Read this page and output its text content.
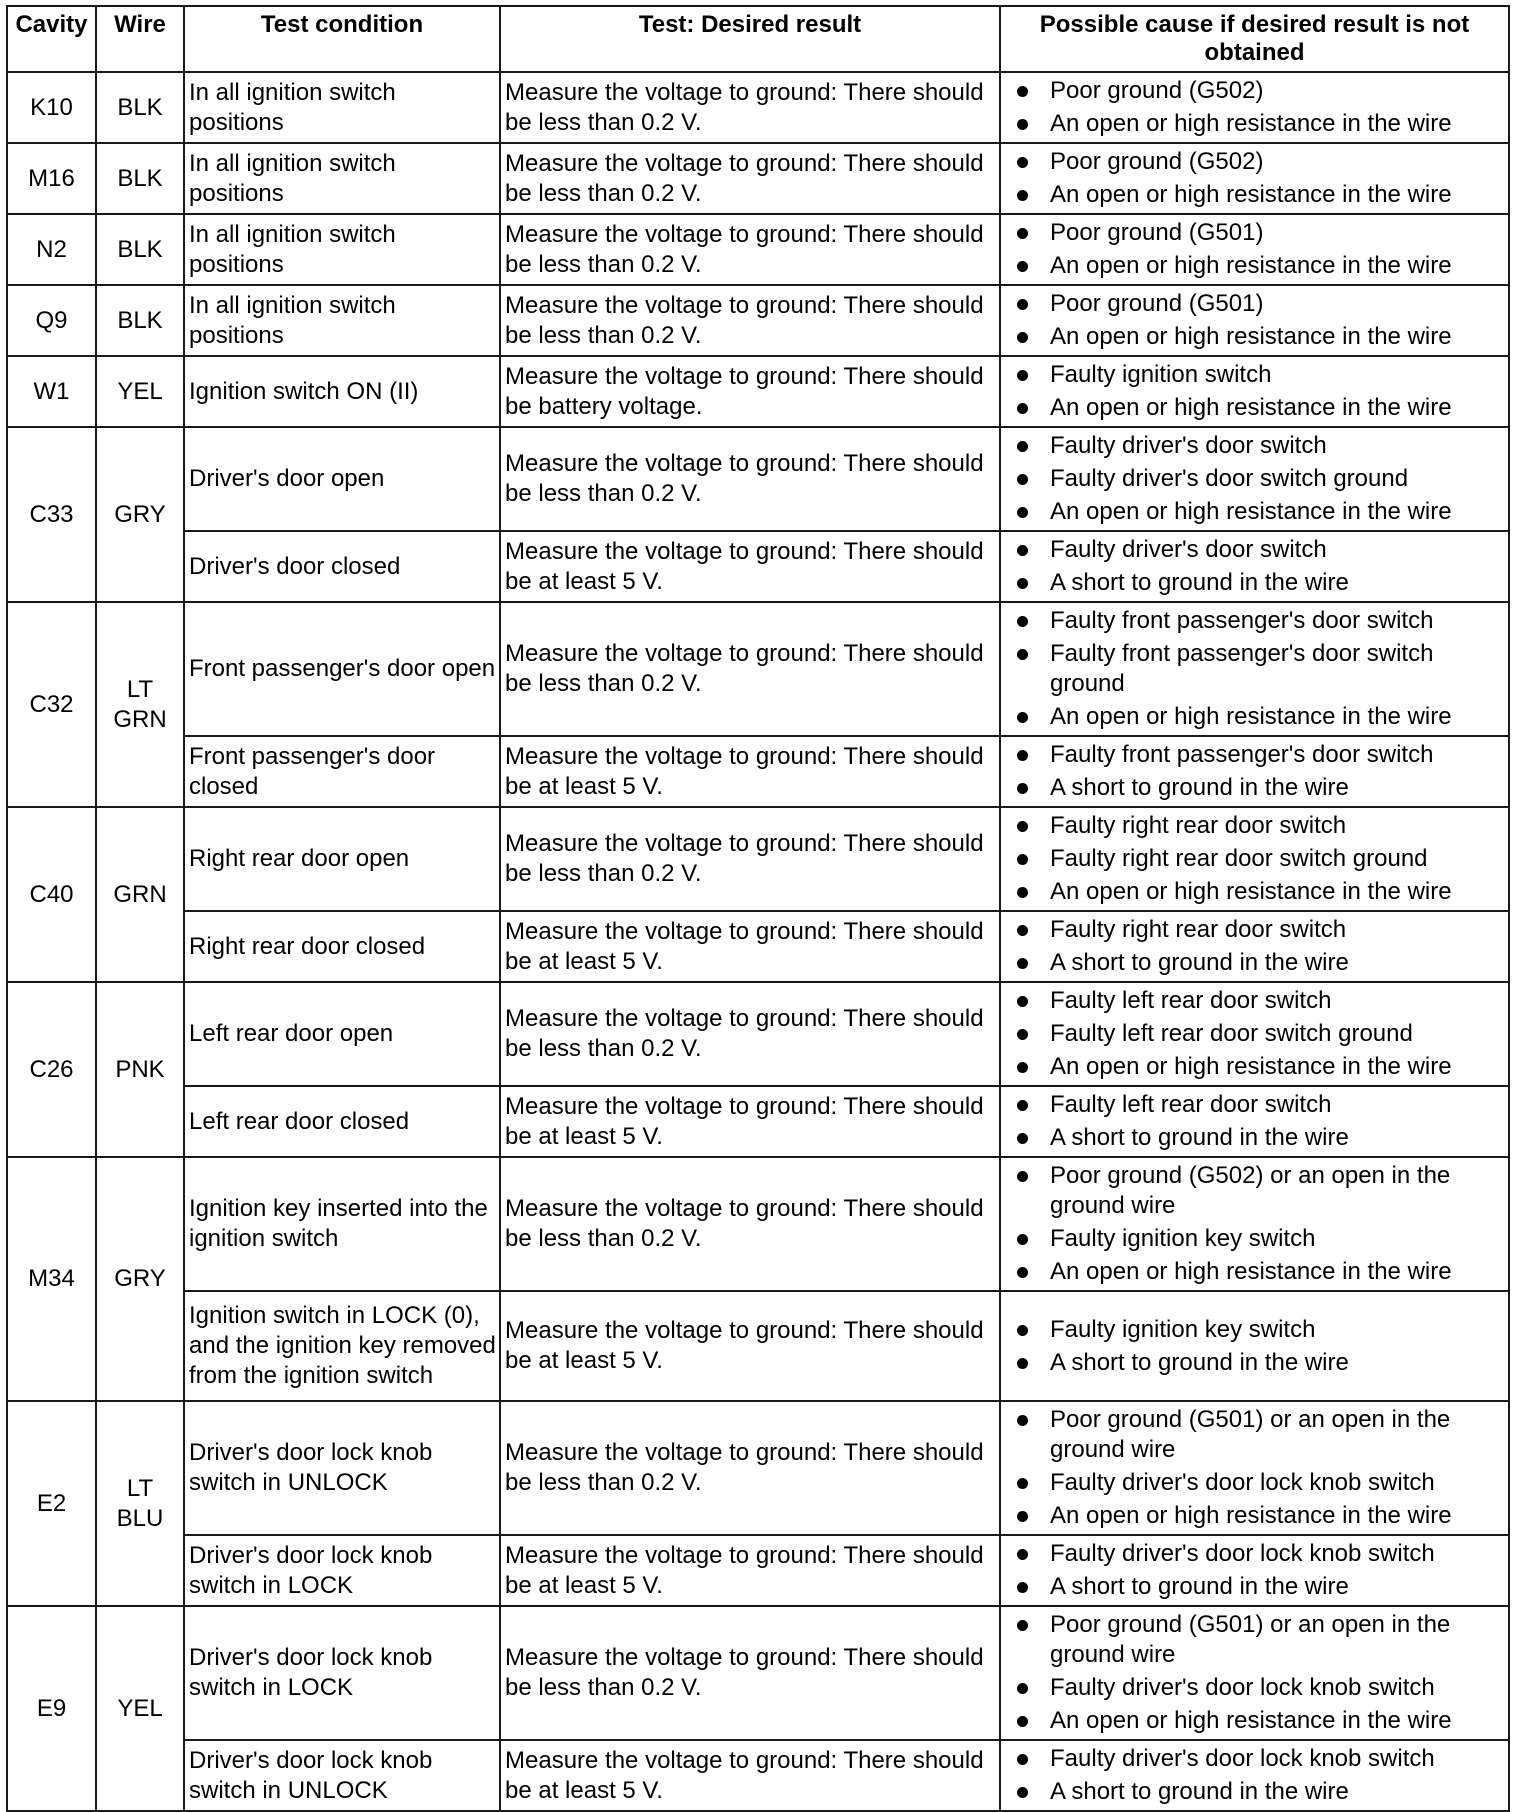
Cavity	Wire	Test condition	Test: Desired result	Possible cause if desired result is not obtained
K10	BLK	In all ignition switch positions	Measure the voltage to ground: There should be less than 0.2 V.	Poor ground (G502)
An open or high resistance in the wire

M16	BLK	In all ignition switch positions	Measure the voltage to ground: There should be less than 0.2 V.	Poor ground (G502)
An open or high resistance in the wire

N2	BLK	In all ignition switch positions	Measure the voltage to ground: There should be less than 0.2 V.	Poor ground (G501)
An open or high resistance in the wire

Q9	BLK	In all ignition switch positions	Measure the voltage to ground: There should be less than 0.2 V.	Poor ground (G501)
An open or high resistance in the wire

W1	YEL	Ignition switch ON (II)	Measure the voltage to ground: There should be battery voltage.	Faulty ignition switch
An open or high resistance in the wire

C33	GRY	Driver's door open	Measure the voltage to ground: There should be less than 0.2 V.	Faulty driver's door switch
Faulty driver's door switch ground
An open or high resistance in the wire

		Driver's door closed	Measure the voltage to ground: There should be at least 5 V.	Faulty driver's door switch
A short to ground in the wire

C32	LT GRN	Front passenger's door open	Measure the voltage to ground: There should be less than 0.2 V.	Faulty front passenger's door switch
Faulty front passenger's door switch ground
An open or high resistance in the wire

		Front passenger's door closed	Measure the voltage to ground: There should be at least 5 V.	Faulty front passenger's door switch
A short to ground in the wire

C40	GRN	Right rear door open	Measure the voltage to ground: There should be less than 0.2 V.	Faulty right rear door switch
Faulty right rear door switch ground
An open or high resistance in the wire

		Right rear door closed	Measure the voltage to ground: There should be at least 5 V.	Faulty right rear door switch
A short to ground in the wire

C26	PNK	Left rear door open	Measure the voltage to ground: There should be less than 0.2 V.	Faulty left rear door switch
Faulty left rear door switch ground
An open or high resistance in the wire

		Left rear door closed	Measure the voltage to ground: There should be at least 5 V.	Faulty left rear door switch
A short to ground in the wire

M34	GRY	Ignition key inserted into the ignition switch	Measure the voltage to ground: There should be less than 0.2 V.	Poor ground (G502) or an open in the ground wire
Faulty ignition key switch
An open or high resistance in the wire

		Ignition switch in LOCK (0), and the ignition key removed from the ignition switch	Measure the voltage to ground: There should be at least 5 V.	Faulty ignition key switch
A short to ground in the wire

E2	LT BLU	Driver's door lock knob switch in UNLOCK	Measure the voltage to ground: There should be less than 0.2 V.	Poor ground (G501) or an open in the ground wire
Faulty driver's door lock knob switch
An open or high resistance in the wire

		Driver's door lock knob switch in LOCK	Measure the voltage to ground: There should be at least 5 V.	Faulty driver's door lock knob switch
A short to ground in the wire

E9	YEL	Driver's door lock knob switch in LOCK	Measure the voltage to ground: There should be less than 0.2 V.	Poor ground (G501) or an open in the ground wire
Faulty driver's door lock knob switch
An open or high resistance in the wire

		Driver's door lock knob switch in UNLOCK	Measure the voltage to ground: There should be at least 5 V.	Faulty driver's door lock knob switch
A short to ground in the wire
